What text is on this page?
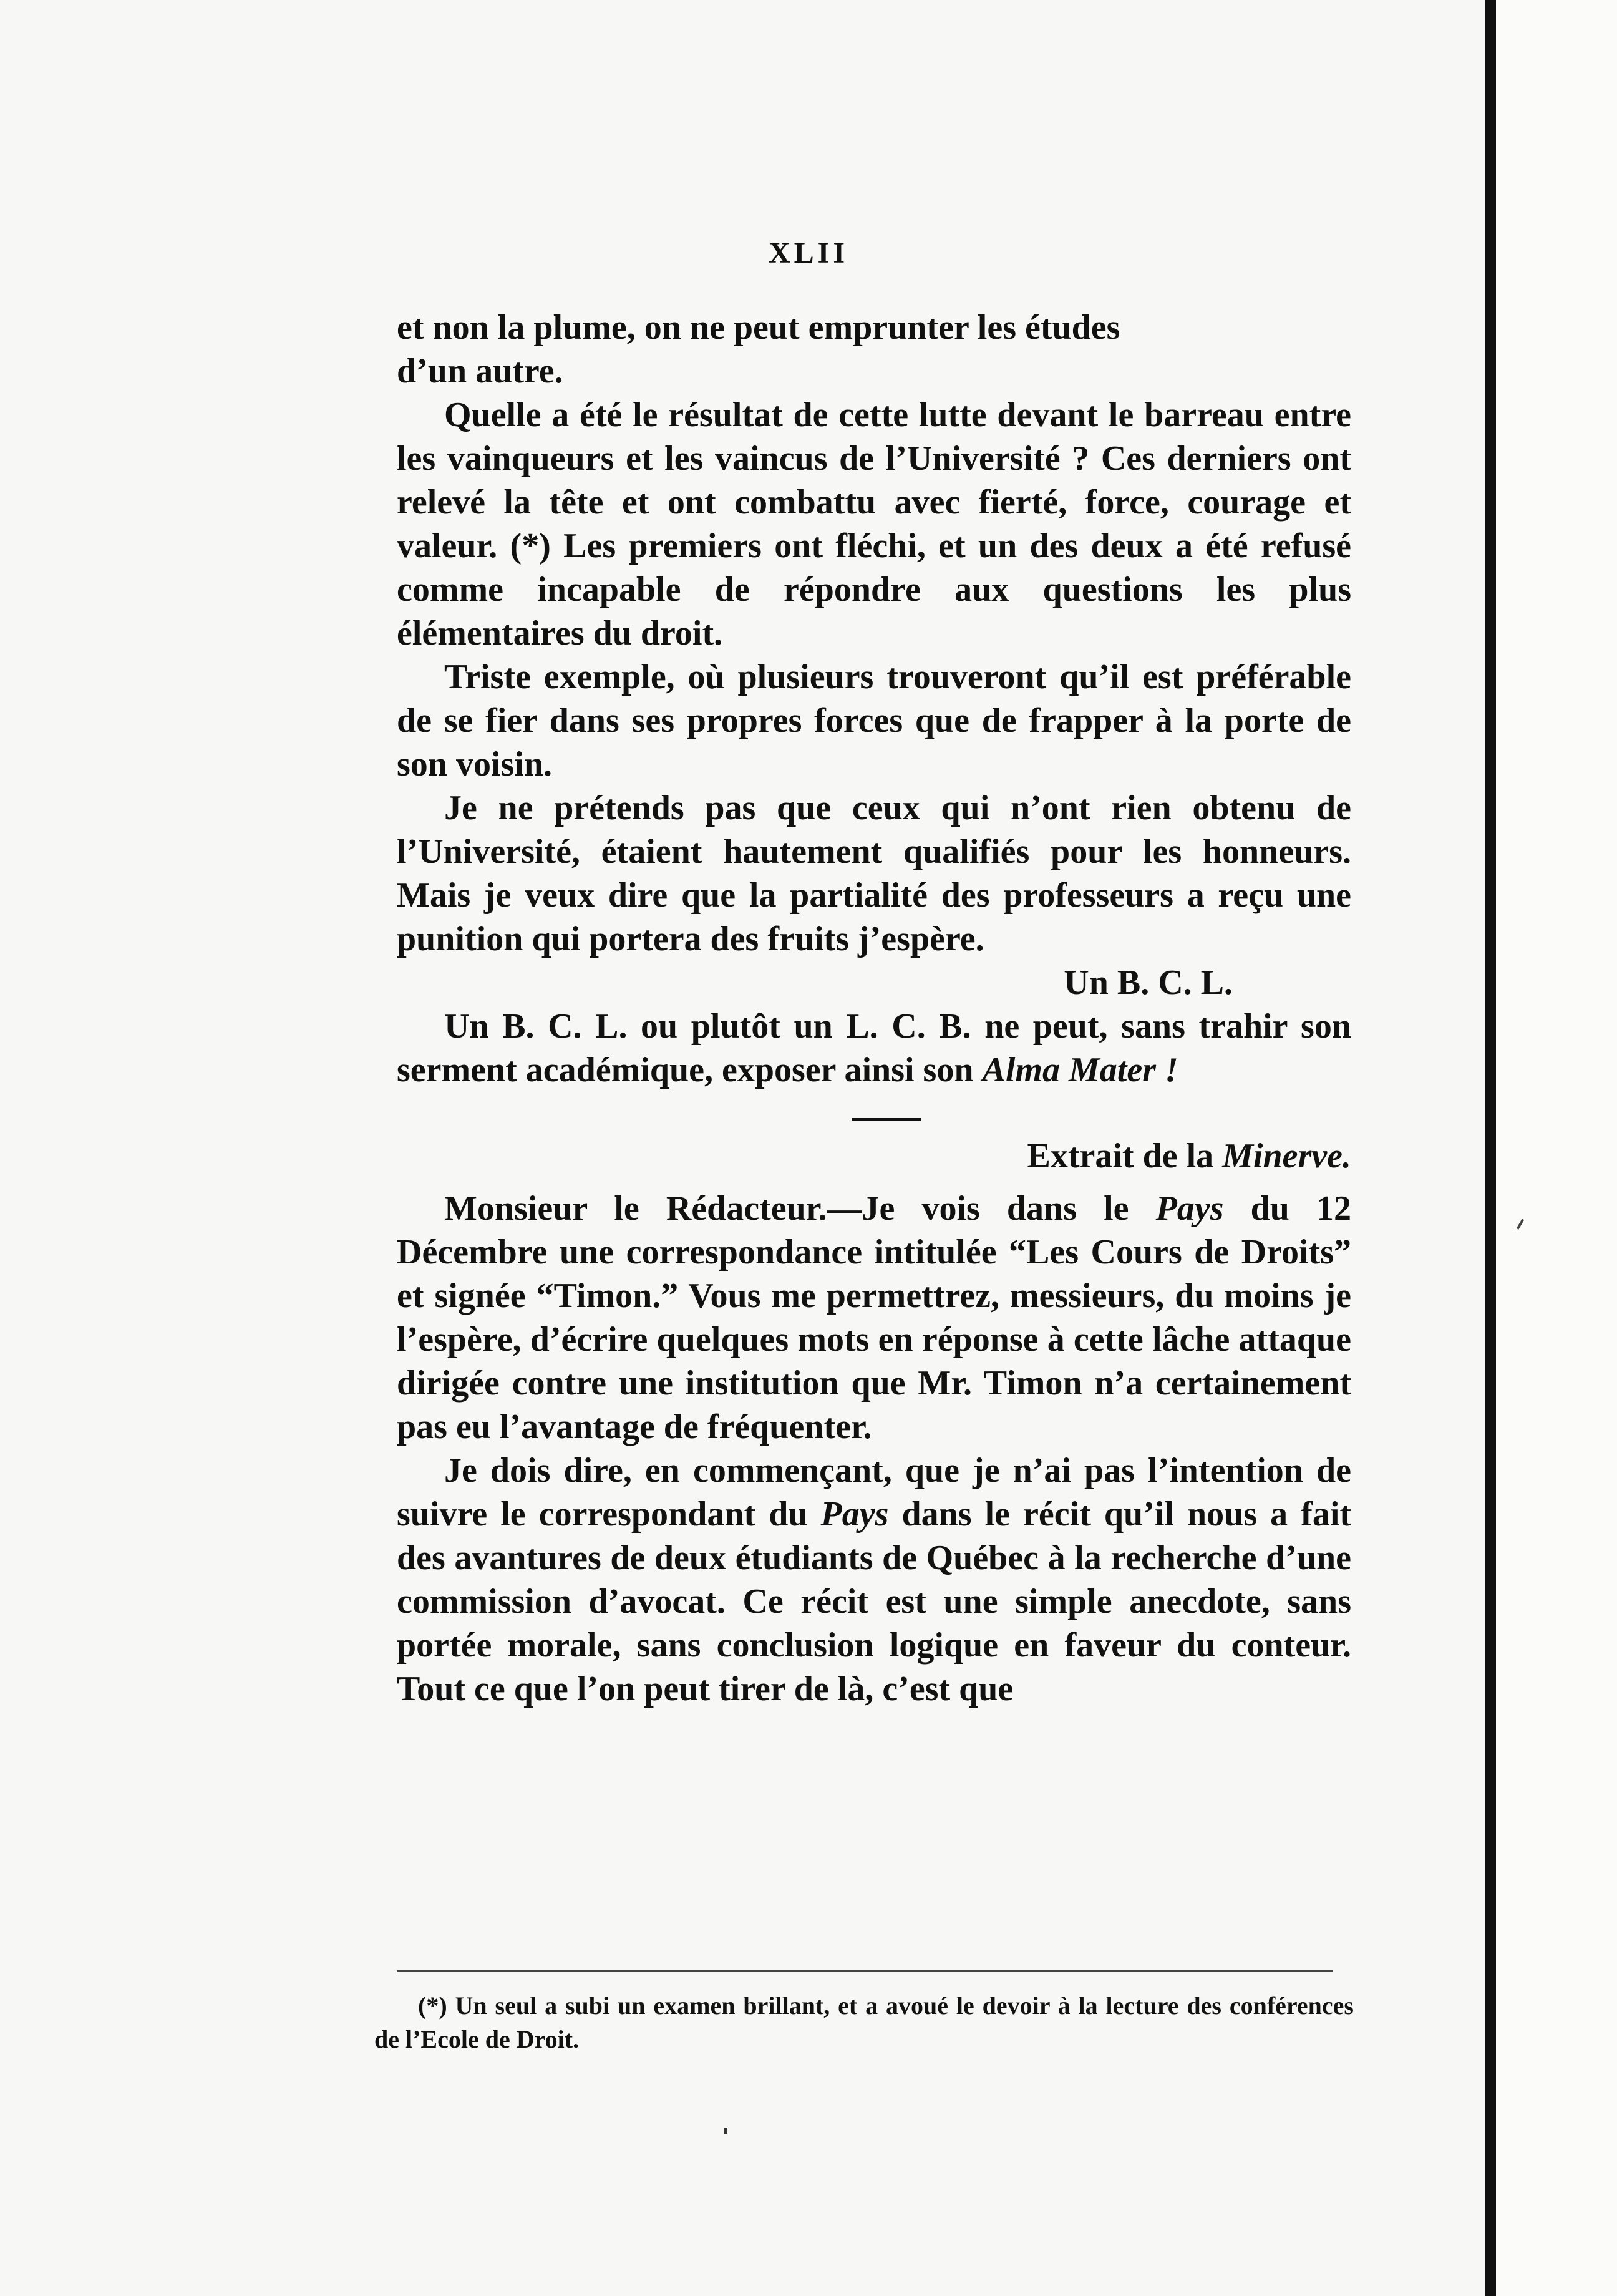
XLII

et non la plume, on ne peut emprunter les études
d’un autre.

Quelle a été le résultat de cette lutte devant le barreau entre les vainqueurs et les vaincus de l’Université ? Ces derniers ont relevé la tête et ont combattu avec fierté, force, courage et valeur. (*) Les premiers ont fléchi, et un des deux a été refusé comme incapable de répondre aux questions les plus élémentaires du droit.

Triste exemple, où plusieurs trouveront qu’il est préférable de se fier dans ses propres forces que de frapper à la porte de son voisin.

Je ne prétends pas que ceux qui n’ont rien obtenu de l’Université, étaient hautement qualifiés pour les honneurs. Mais je veux dire que la partialité des professeurs a reçu une punition qui portera des fruits j’espère.

Un B. C. L.

Un B. C. L. ou plutôt un L. C. B. ne peut, sans trahir son serment académique, exposer ainsi son Alma Mater !

Extrait de la Minerve.

Monsieur le Rédacteur.—Je vois dans le Pays du 12 Décembre une correspondance intitulée “Les Cours de Droits” et signée “Timon.” Vous me permettrez, messieurs, du moins je l’espère, d’écrire quelques mots en réponse à cette lâche attaque dirigée contre une institution que Mr. Timon n’a certainement pas eu l’avantage de fréquenter.

Je dois dire, en commençant, que je n’ai pas l’intention de suivre le correspondant du Pays dans le récit qu’il nous a fait des avantures de deux étudiants de Québec à la recherche d’une commission d’avocat. Ce récit est une simple anecdote, sans portée morale, sans conclusion logique en faveur du conteur. Tout ce que l’on peut tirer de là, c’est que

(*) Un seul a subi un examen brillant, et a avoué le devoir à la lecture des conférences de l’Ecole de Droit.
